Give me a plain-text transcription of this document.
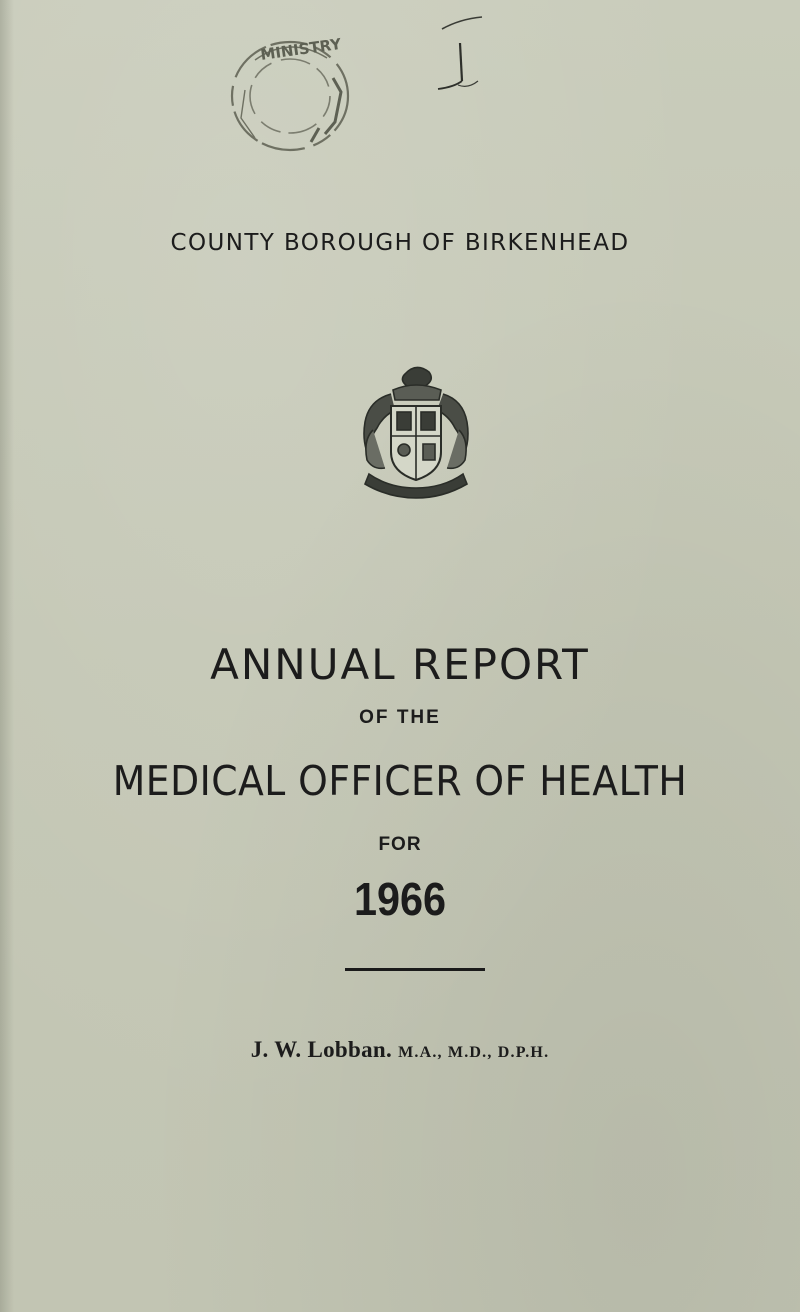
MINISTRY
COUNTY BOROUGH OF BIRKENHEAD
ANNUAL REPORT
OF THE
MEDICAL OFFICER OF HEALTH
FOR
1966
J. W. Lobban. M.A., M.D., D.P.H.
